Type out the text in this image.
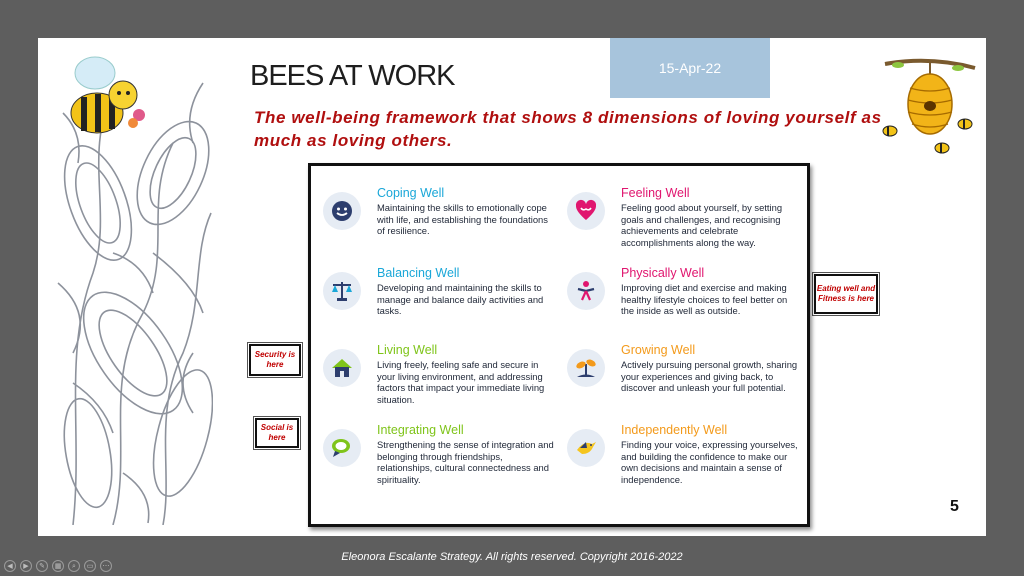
BEES AT WORK	15-Apr-22
The well-being framework that shows 8 dimensions of loving yourself as much as loving others.
Security is here
Social is here
Eating well and Fitness is here
Coping Well
Maintaining the skills to emotionally cope with life, and establishing the foundations of resilience.
Feeling Well
Feeling good about yourself, by setting goals and challenges, and recognising achievements and celebrate accomplishments along the way.
Balancing Well
Developing and maintaining the skills to manage and balance daily activities and tasks.
Physically Well
Improving diet and exercise and making healthy lifestyle choices to feel better on the inside as well as outside.
Living Well
Living freely, feeling safe and secure in your living environment, and addressing factors that impact your immediate living situation.
Growing Well
Actively pursuing personal growth, sharing your experiences and giving back, to discover and unleash your full potential.
Integrating Well
Strengthening the sense of integration and belonging through friendships, relationships, cultural connectedness and spirituality.
Independently Well
Finding your voice, expressing yourselves, and building the confidence to make our own decisions and maintain a sense of independence.
5
Eleonora Escalante Strategy. All rights reserved. Copyright 2016-2022
◀	▶	✎	▦	⌕	▭	⋯
